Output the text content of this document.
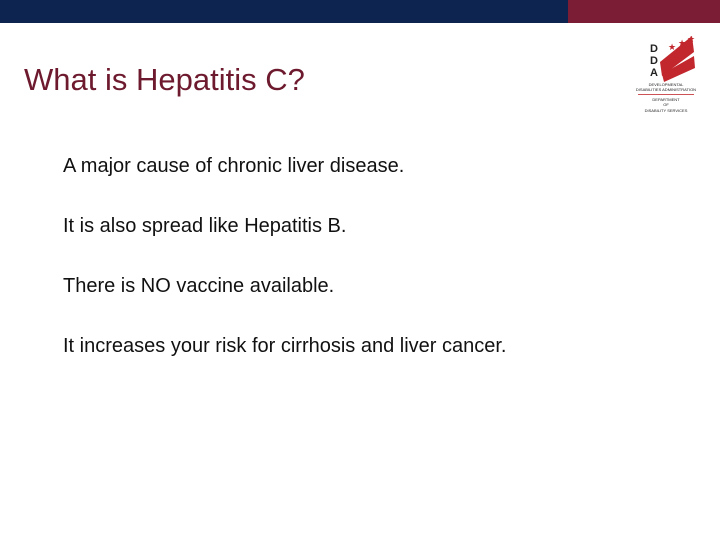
What is Hepatitis C?
A major cause of chronic liver disease.
It is also spread like Hepatitis B.
There is NO vaccine available.
It increases your risk for cirrhosis and liver cancer.
★ ★ ★
D
D
A
DEVELOPMENTAL
DISABILITIES ADMINISTRATION
DEPARTMENT
OF
DISABILITY SERVICES
